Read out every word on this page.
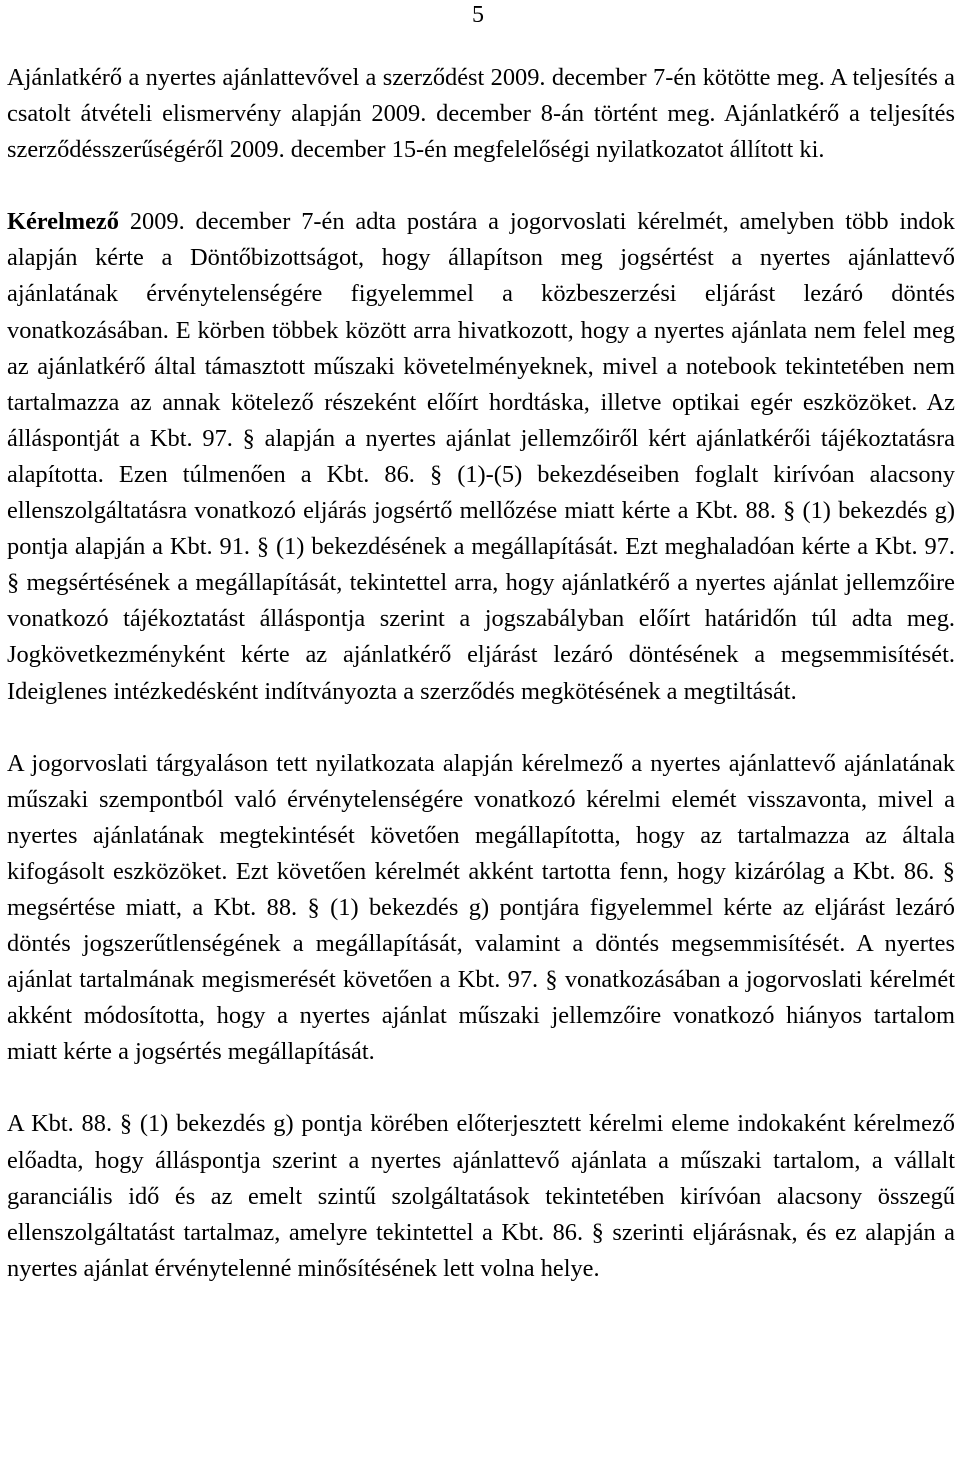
5

Ajánlatkérő a nyertes ajánlattevővel a szerződést 2009. december 7-én kötötte meg. A teljesítés a csatolt átvételi elismervény alapján 2009. december 8-án történt meg. Ajánlatkérő a teljesítés szerződésszerűségéről 2009. december 15-én megfelelőségi nyilatkozatot állított ki.

Kérelmező 2009. december 7-én adta postára a jogorvoslati kérelmét, amelyben több indok alapján kérte a Döntőbizottságot, hogy állapítson meg jogsértést a nyertes ajánlattevő ajánlatának érvénytelenségére figyelemmel a közbeszerzési eljárást lezáró döntés vonatkozásában. E körben többek között arra hivatkozott, hogy a nyertes ajánlata nem felel meg az ajánlatkérő által támasztott műszaki követelményeknek, mivel a notebook tekintetében nem tartalmazza az annak kötelező részeként előírt hordtáska, illetve optikai egér eszközöket. Az álláspontját a Kbt. 97. § alapján a nyertes ajánlat jellemzőiről kért ajánlatkérői tájékoztatásra alapította. Ezen túlmenően a Kbt. 86. § (1)-(5) bekezdéseiben foglalt kirívóan alacsony ellenszolgáltatásra vonatkozó eljárás jogsértő mellőzése miatt kérte a Kbt. 88. § (1) bekezdés g) pontja alapján a Kbt. 91. § (1) bekezdésének a megállapítását. Ezt meghaladóan kérte a Kbt. 97. § megsértésének a megállapítását, tekintettel arra, hogy ajánlatkérő a nyertes ajánlat jellemzőire vonatkozó tájékoztatást álláspontja szerint a jogszabályban előírt határidőn túl adta meg. Jogkövetkezményként kérte az ajánlatkérő eljárást lezáró döntésének a megsemmisítését. Ideiglenes intézkedésként indítványozta a szerződés megkötésének a megtiltását.

A jogorvoslati tárgyaláson tett nyilatkozata alapján kérelmező a nyertes ajánlattevő ajánlatának műszaki szempontból való érvénytelenségére vonatkozó kérelmi elemét visszavonta, mivel a nyertes ajánlatának megtekintését követően megállapította, hogy az tartalmazza az általa kifogásolt eszközöket. Ezt követően kérelmét akként tartotta fenn, hogy kizárólag a Kbt. 86. § megsértése miatt, a Kbt. 88. § (1) bekezdés g) pontjára figyelemmel kérte az eljárást lezáró döntés jogszerűtlenségének a megállapítását, valamint a döntés megsemmisítését. A nyertes ajánlat tartalmának megismerését követően a Kbt. 97. § vonatkozásában a jogorvoslati kérelmét akként módosította, hogy a nyertes ajánlat műszaki jellemzőire vonatkozó hiányos tartalom miatt kérte a jogsértés megállapítását.

A Kbt. 88. § (1) bekezdés g) pontja körében előterjesztett kérelmi eleme indokaként kérelmező előadta, hogy álláspontja szerint a nyertes ajánlattevő ajánlata a műszaki tartalom, a vállalt garanciális idő és az emelt szintű szolgáltatások tekintetében kirívóan alacsony összegű ellenszolgáltatást tartalmaz, amelyre tekintettel a Kbt. 86. § szerinti eljárásnak, és ez alapján a nyertes ajánlat érvénytelenné minősítésének lett volna helye.
